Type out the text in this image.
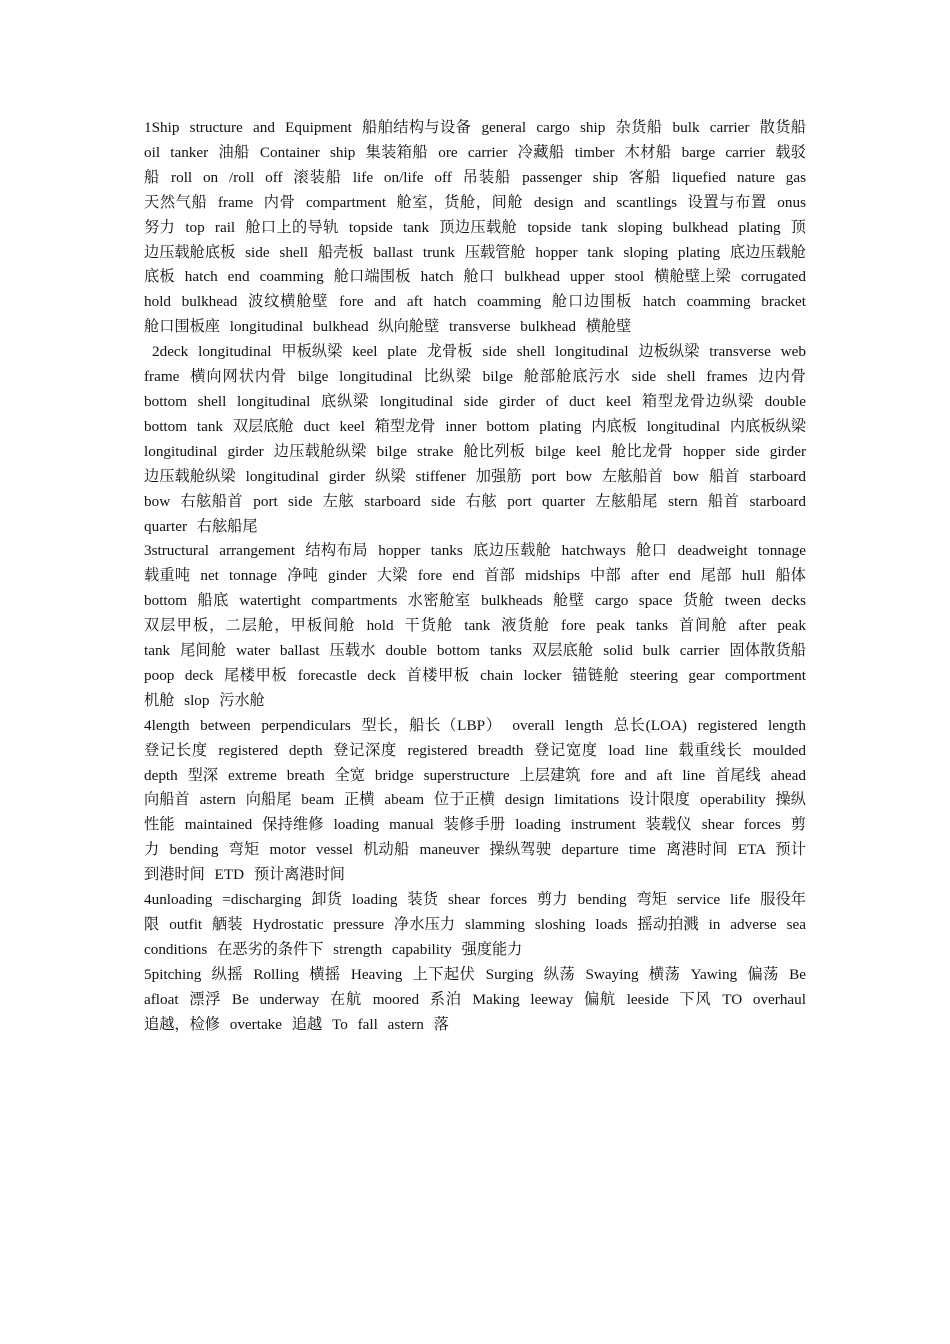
1Ship structure and Equipment 船舶结构与设备 general cargo ship 杂货船 bulk carrier 散货船 oil tanker 油船 Container ship 集装箱船 ore carrier 冷藏船 timber 木材船 barge carrier 载驳船 roll on /roll off 滚装船 life on/life off 吊装船 passenger ship 客船 liquefied nature gas 天然气船 frame 内骨 compartment 舱室，货舱，间舱 design and scantlings 设置与布置 onus 努力 top rail 舱口上的导轨 topside tank 顶边压载舱 topside tank sloping bulkhead plating 顶边压载舱底板 side shell 船壳板 ballast trunk 压载管舱 hopper tank sloping plating 底边压载舱底板 hatch end coamming 舱口端围板 hatch 舱口 bulkhead upper stool 横舱壁上梁 corrugated hold bulkhead 波纹横舱壁 fore and aft hatch coamming 舱口边围板 hatch coamming bracket 舱口围板座 longitudinal bulkhead 纵向舱壁 transverse bulkhead 横舱壁

2deck longitudinal 甲板纵梁 keel plate 龙骨板 side shell longitudinal 边板纵梁 transverse web frame 横向网状内骨 bilge longitudinal 比纵梁 bilge 舱部舱底污水 side shell frames 边内骨 bottom shell longitudinal 底纵梁 longitudinal side girder of duct keel 箱型龙骨边纵梁 double bottom tank 双层底舱 duct keel 箱型龙骨 inner bottom plating 内底板 longitudinal 内底板纵梁 longitudinal girder 边压载舱纵梁 bilge strake 舱比列板 bilge keel 舱比龙骨 hopper side girder 边压载舱纵梁 longitudinal girder 纵梁 stiffener 加强筋 port bow 左舷船首 bow 船首 starboard bow 右舷船首 port side 左舷 starboard side 右舷 port quarter 左舷船尾 stern 船首 starboard quarter 右舷船尾

3structural arrangement 结构布局 hopper tanks 底边压载舱 hatchways 舱口 deadweight tonnage 载重吨 net tonnage 净吨 ginder 大梁 fore end 首部 midships 中部 after end 尾部 hull 船体 bottom 船底 watertight compartments 水密舱室 bulkheads 舱壁 cargo space 货舱 tween decks 双层甲板，二层舱，甲板间舱 hold 干货舱 tank 液货舱 fore peak tanks 首间舱 after peak tank 尾间舱 water ballast 压载水 double bottom tanks 双层底舱 solid bulk carrier 固体散货船 poop deck 尾楼甲板 forecastle deck 首楼甲板 chain locker 锚链舱 steering gear comportment 机舱 slop 污水舱

4length between perpendiculars 型长，船长（LBP） overall length 总长(LOA) registered length 登记长度 registered depth 登记深度 registered breadth 登记宽度 load line 载重线长 moulded depth 型深 extreme breath 全宽 bridge superstructure 上层建筑 fore and aft line 首尾线 ahead 向船首 astern 向船尾 beam 正横 abeam 位于正横 design limitations 设计限度 operability 操纵性能 maintained 保持维修 loading manual 装修手册 loading instrument 装载仪 shear forces 剪力 bending 弯矩 motor vessel 机动船 maneuver 操纵驾驶 departure time 离港时间 ETA 预计到港时间 ETD 预计离港时间

4unloading =discharging 卸货 loading 装货 shear forces 剪力 bending 弯矩 service life 服役年限 outfit 舾装 Hydrostatic pressure 净水压力 slamming sloshing loads 摇动拍溅 in adverse sea conditions 在恶劣的条件下 strength capability 强度能力

5pitching 纵摇 Rolling 横摇 Heaving 上下起伏 Surging 纵荡 Swaying 横荡 Yawing 偏荡 Be afloat 漂浮 Be underway 在航 moored 系泊 Making leeway 偏航 leeside 下风 TO overhaul 追越，检修 overtake 追越 To fall astern 落
